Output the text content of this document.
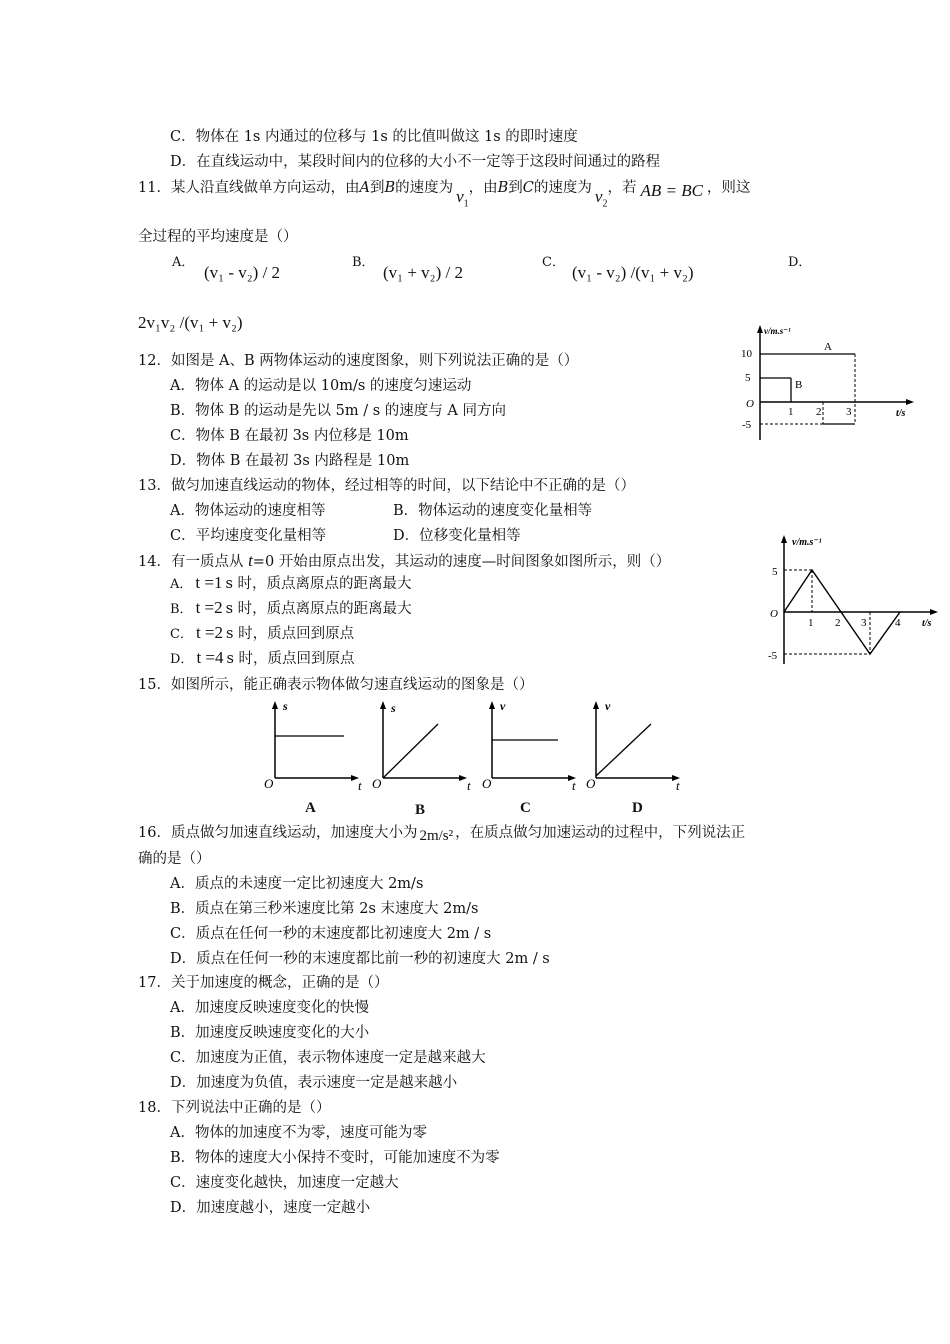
C．物体在 1s 内通过的位移与 1s 的比值叫做这 1s 的即时速度
D．在直线运动中，某段时间内的位移的大小不一定等于这段时间通过的路程
11．某人沿直线做单方向运动，由A到B的速度为 $v_1$，由B到C的速度为 $v_2$，若 AB = BC ，则这
全过程的平均速度是（）
A．
(v₁ - v₂) / 2
B．
(v₁ + v₂) / 2
C．
(v₁ - v₂) /(v₁ + v₂)
D．
2v₁v₂ /(v₁ + v₂)	v/m.s⁻¹
t/s
O
10
5
-5
1 2 3
A
B
12．如图是 A、B 两物体运动的速度图象，则下列说法正确的是（）
A．物体 A 的运动是以 10m/s 的速度匀速运动
B．物体 B 的运动是先以 5m / s 的速度与 A 同方向
C．物体 B 在最初 3s 内位移是 10m
D．物体 B 在最初 3s 内路程是 10m
13．做匀加速直线运动的物体，经过相等的时间，以下结论中不正确的是（）
A．物体运动的速度相等	B．物体运动的速度变化量相等
C．平均速度变化量相等	D．位移变化量相等	v/m.s⁻¹
t/s
O
5
-5
1 2 3	4
14．有一质点从 t=0 开始由原点出发，其运动的速度—时间图象如图所示，则（）
A． t =1 s 时，质点离原点的距离最大
B． t =2 s 时，质点离原点的距离最大
C． t =2 s 时，质点回到原点
D． t =4 s 时，质点回到原点
15．如图所示，能正确表示物体做匀速直线运动的图象是（）
s
O	t
s
O	t
v
O	t
v
O	t
A	B	C	D
16．质点做匀加速直线运动，加速度大小为 2m/s² ，在质点做匀加速运动的过程中，下列说法正
确的是（）
A．质点的未速度一定比初速度大 2m/s
B．质点在第三秒米速度比第 2s 末速度大 2m/s
C．质点在任何一秒的末速度都比初速度大 2m / s
D．质点在任何一秒的末速度都比前一秒的初速度大 2m / s
17．关于加速度的概念，正确的是（）
A．加速度反映速度变化的快慢
B．加速度反映速度变化的大小
C．加速度为正值，表示物体速度一定是越来越大
D．加速度为负值，表示速度一定是越来越小
18．下列说法中正确的是（）
A．物体的加速度不为零，速度可能为零
B．物体的速度大小保持不变时，可能加速度不为零
C．速度变化越快，加速度一定越大
D．加速度越小，速度一定越小
